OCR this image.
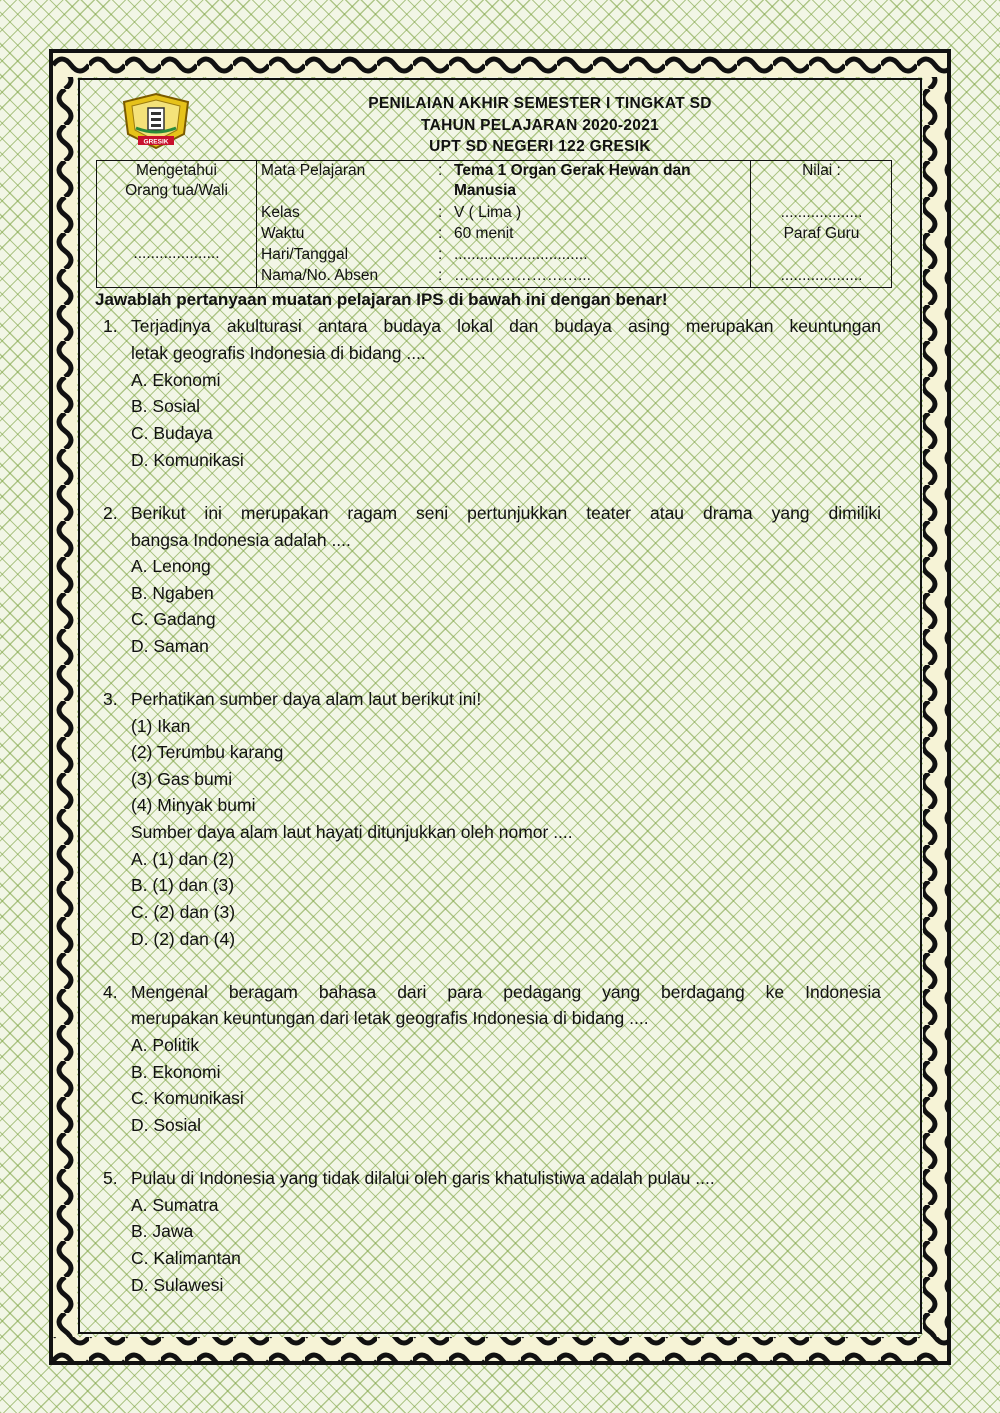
GRESIK
PENILAIAN AKHIR SEMESTER I TINGKAT SD
TAHUN PELAJARAN 2020-2021
UPT SD NEGERI 122 GRESIK
Mengetahui
Orang tua/Wali
....................
Mata Pelajaran	: Tema 1 Organ Gerak Hewan dan
Manusia
Kelas	: V ( Lima )
Waktu	: 60 menit
Hari/Tanggal	: ...............................
Nama/No. Absen	: ……………………...
Nilai :
...................
Paraf Guru
...................
Jawablah pertanyaan muatan pelajaran IPS di bawah ini dengan benar!
1. Terjadinya akulturasi antara budaya lokal dan budaya asing merupakan keuntungan
letak geografis Indonesia di bidang ....
A. Ekonomi
B. Sosial
C. Budaya
D. Komunikasi
2. Berikut ini merupakan ragam seni pertunjukkan teater atau drama yang dimiliki
bangsa Indonesia adalah ....
A. Lenong
B. Ngaben
C. Gadang
D. Saman
3. Perhatikan sumber daya alam laut berikut ini!
(1) Ikan
(2) Terumbu karang
(3) Gas bumi
(4) Minyak bumi
Sumber daya alam laut hayati ditunjukkan oleh nomor ....
A. (1) dan (2)
B. (1) dan (3)
C. (2) dan (3)
D. (2) dan (4)
4. Mengenal beragam bahasa dari para pedagang yang berdagang ke Indonesia
merupakan keuntungan dari letak geografis Indonesia di bidang ....
A. Politik
B. Ekonomi
C. Komunikasi
D. Sosial
5. Pulau di Indonesia yang tidak dilalui oleh garis khatulistiwa adalah pulau ....
A. Sumatra
B. Jawa
C. Kalimantan
D. Sulawesi
